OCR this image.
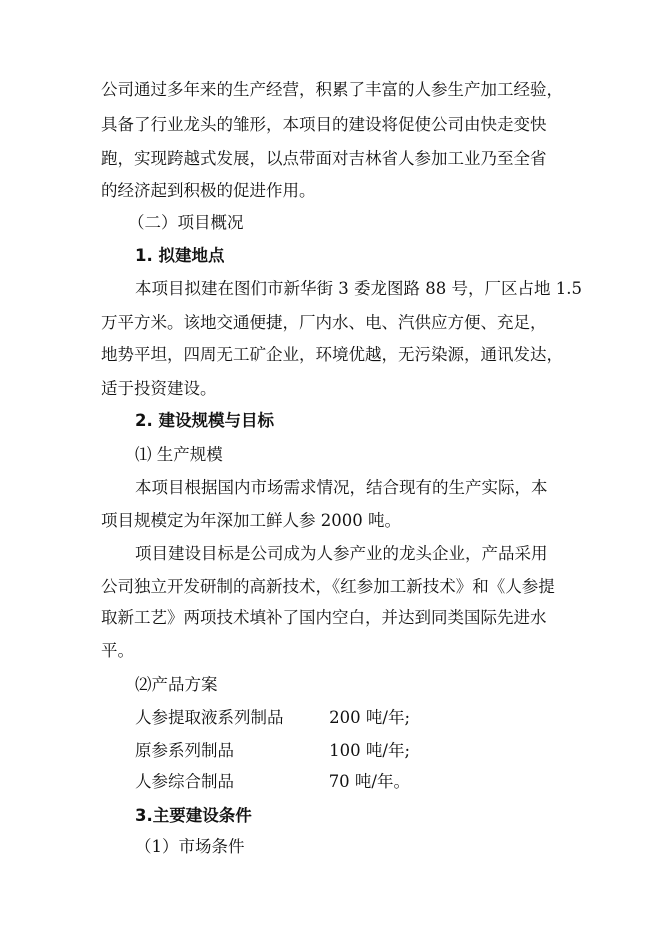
公司通过多年来的生产经营，积累了丰富的人参生产加工经验，
具备了行业龙头的雏形，本项目的建设将促使公司由快走变快
跑，实现跨越式发展，以点带面对吉林省人参加工业乃至全省
的经济起到积极的促进作用。
（二）项目概况
1. 拟建地点
本项目拟建在图们市新华街 3 委龙图路 88 号，厂区占地 1.5
万平方米。该地交通便捷，厂内水、电、汽供应方便、充足，
地势平坦，四周无工矿企业，环境优越，无污染源，通讯发达，
适于投资建设。
2. 建设规模与目标
⑴ 生产规模
本项目根据国内市场需求情况，结合现有的生产实际，本
项目规模定为年深加工鲜人参 2000 吨。
项目建设目标是公司成为人参产业的龙头企业，产品采用
公司独立开发研制的高新技术，《红参加工新技术》和《人参提
取新工艺》两项技术填补了国内空白，并达到同类国际先进水
平。
⑵产品方案
人参提取液系列制品	200 吨/年;
原参系列制品	100 吨/年;
人参综合制品	70 吨/年。
3.主要建设条件
（1）市场条件
